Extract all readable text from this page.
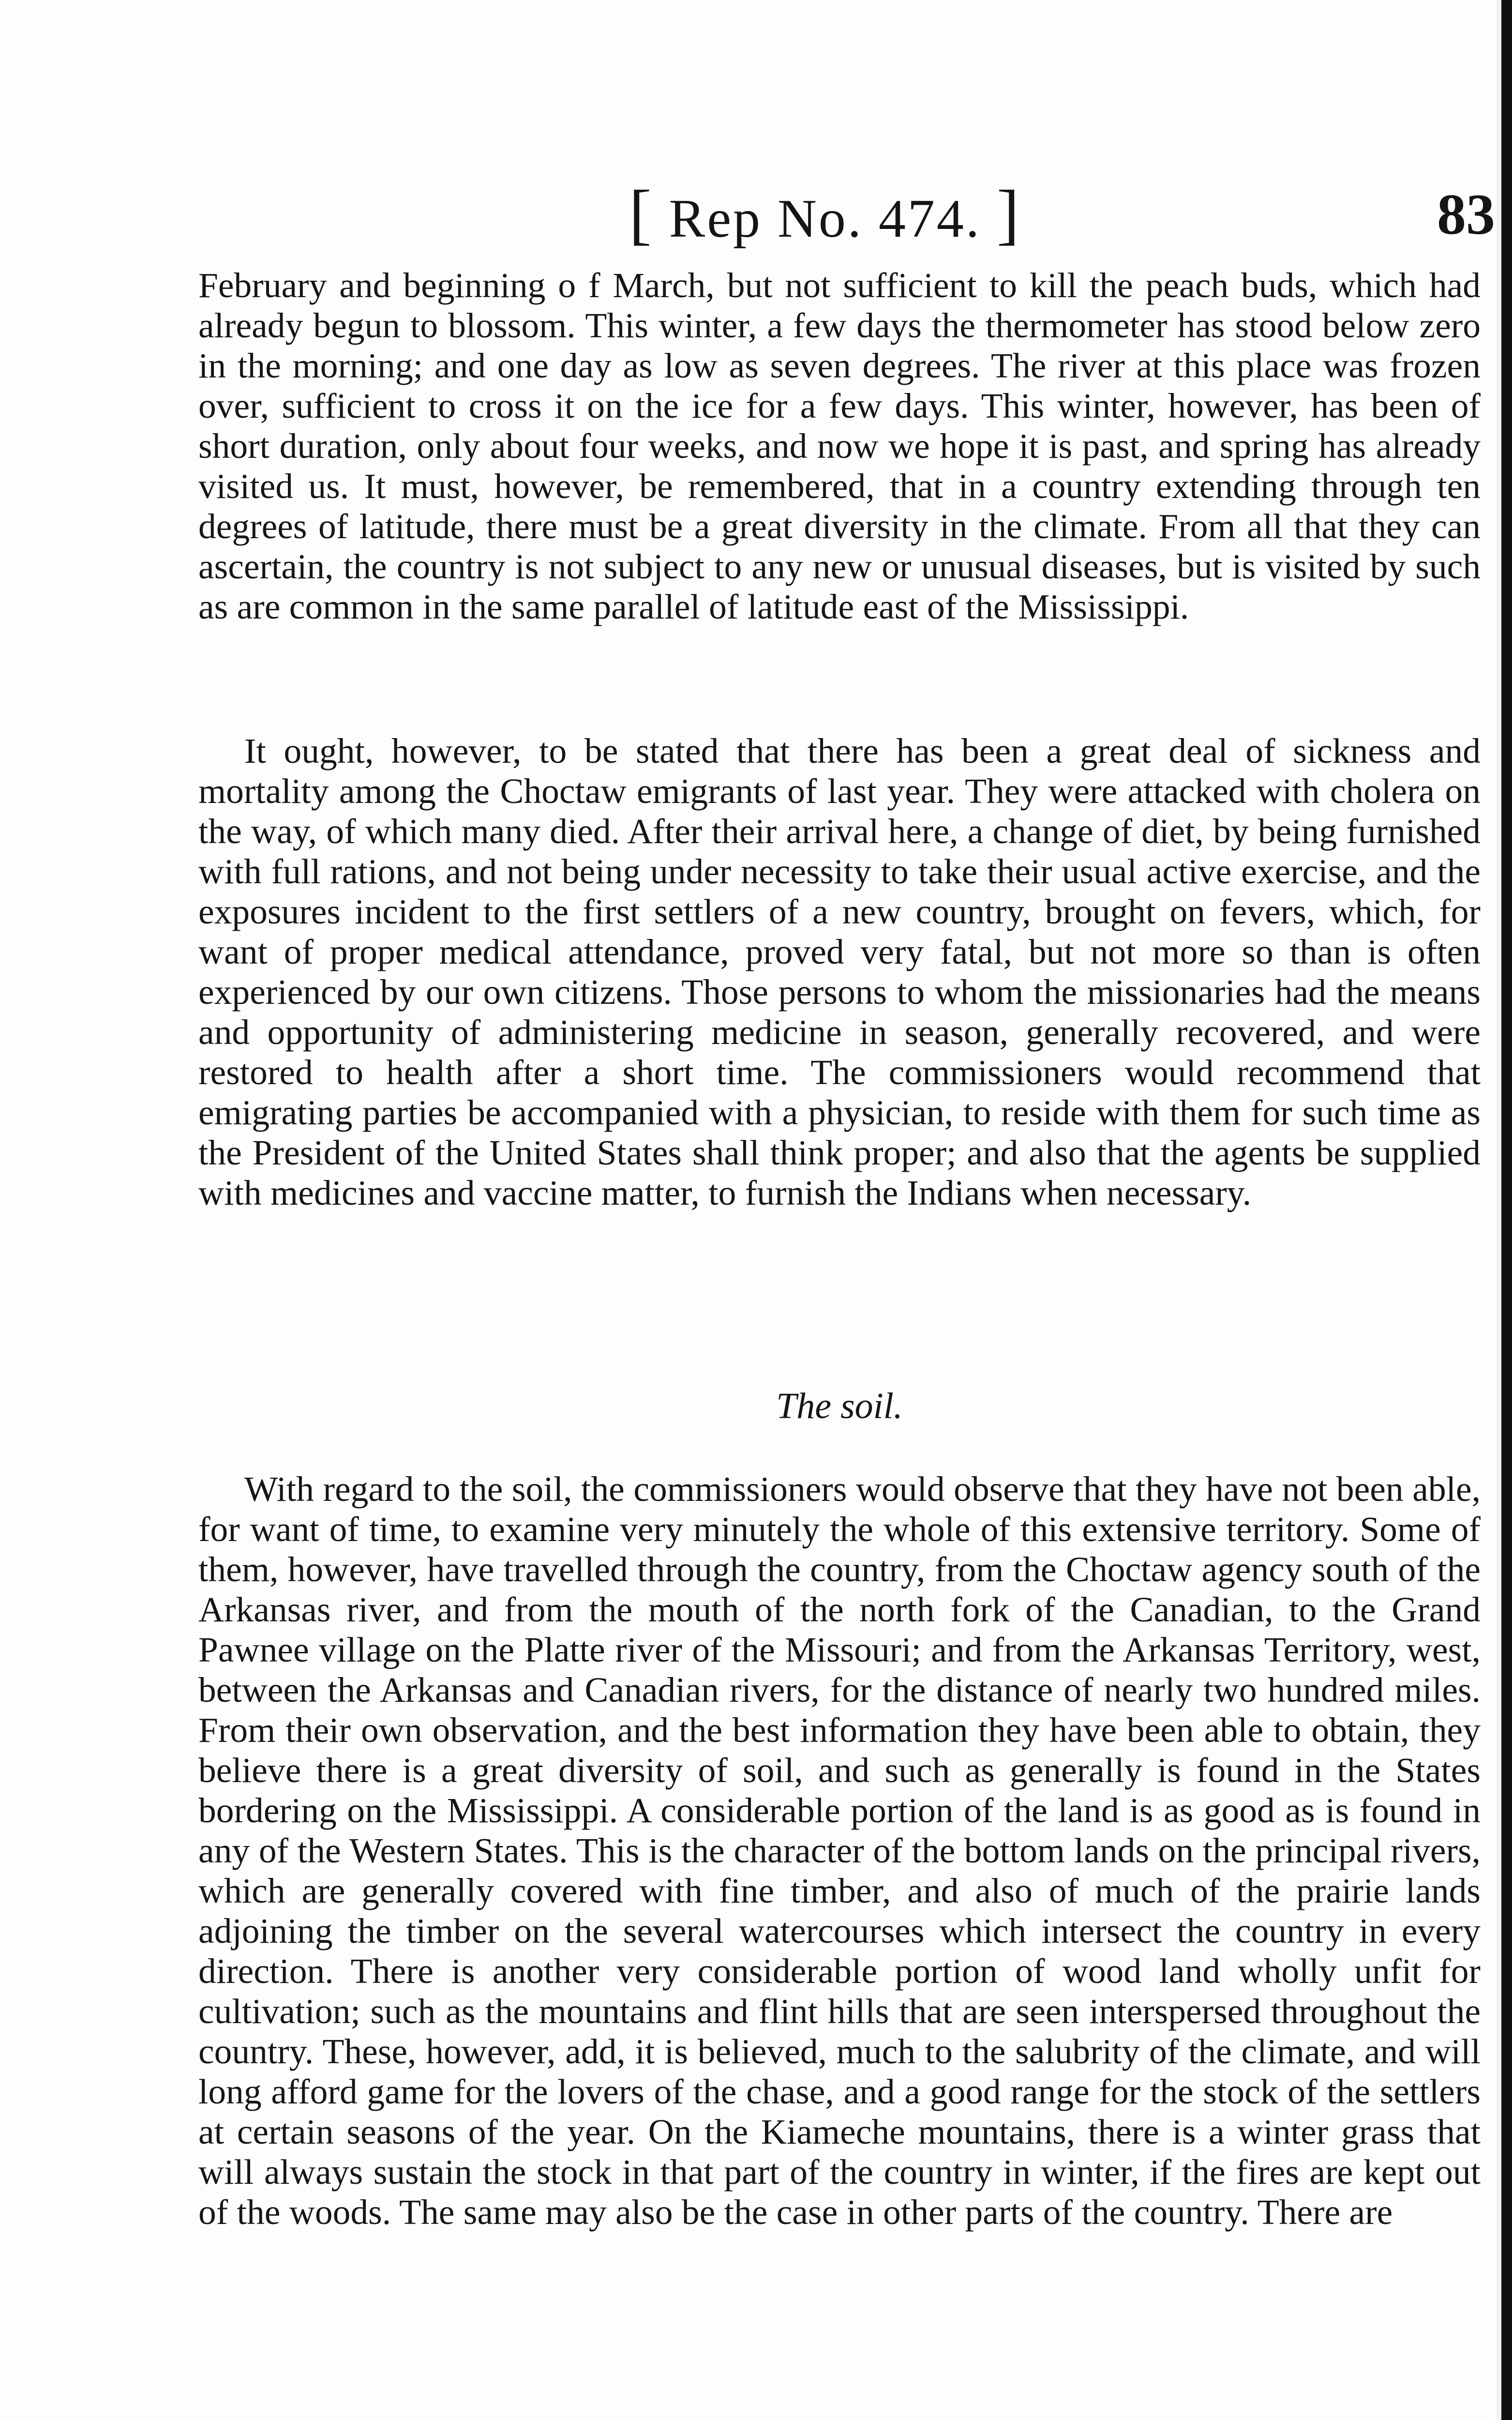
[ Rep No. 474. ]	83

February and beginning o f March, but not sufficient to kill the peach buds, which had already begun to blossom. This winter, a few days the thermometer has stood below zero in the morning; and one day as low as seven degrees. The river at this place was frozen over, sufficient to cross it on the ice for a few days. This winter, however, has been of short duration, only about four weeks, and now we hope it is past, and spring has already visited us. It must, however, be remembered, that in a country extending through ten degrees of latitude, there must be a great diversity in the climate. From all that they can ascertain, the country is not subject to any new or unusual diseases, but is visited by such as are common in the same parallel of latitude east of the Mississippi.

It ought, however, to be stated that there has been a great deal of sickness and mortality among the Choctaw emigrants of last year. They were attacked with cholera on the way, of which many died. After their arrival here, a change of diet, by being furnished with full rations, and not being under necessity to take their usual active exercise, and the exposures incident to the first settlers of a new country, brought on fevers, which, for want of proper medical attendance, proved very fatal, but not more so than is often experienced by our own citizens. Those persons to whom the missionaries had the means and opportunity of administering medicine in season, generally recovered, and were restored to health after a short time. The commissioners would recommend that emigrating parties be accompanied with a physician, to reside with them for such time as the President of the United States shall think proper; and also that the agents be supplied with medicines and vaccine matter, to furnish the Indians when necessary.

The soil.

With regard to the soil, the commissioners would observe that they have not been able, for want of time, to examine very minutely the whole of this extensive territory. Some of them, however, have travelled through the country, from the Choctaw agency south of the Arkansas river, and from the mouth of the north fork of the Canadian, to the Grand Pawnee village on the Platte river of the Missouri; and from the Arkansas Territory, west, between the Arkansas and Canadian rivers, for the distance of nearly two hundred miles. From their own observation, and the best information they have been able to obtain, they believe there is a great diversity of soil, and such as generally is found in the States bordering on the Mississippi. A considerable portion of the land is as good as is found in any of the Western States. This is the character of the bottom lands on the principal rivers, which are generally covered with fine timber, and also of much of the prairie lands adjoining the timber on the several watercourses which intersect the country in every direction. There is another very considerable portion of wood land wholly unfit for cultivation; such as the mountains and flint hills that are seen interspersed throughout the country. These, however, add, it is believed, much to the salubrity of the climate, and will long afford game for the lovers of the chase, and a good range for the stock of the settlers at certain seasons of the year. On the Kiameche mountains, there is a winter grass that will always sustain the stock in that part of the country in winter, if the fires are kept out of the woods. The same may also be the case in other parts of the country. There are
